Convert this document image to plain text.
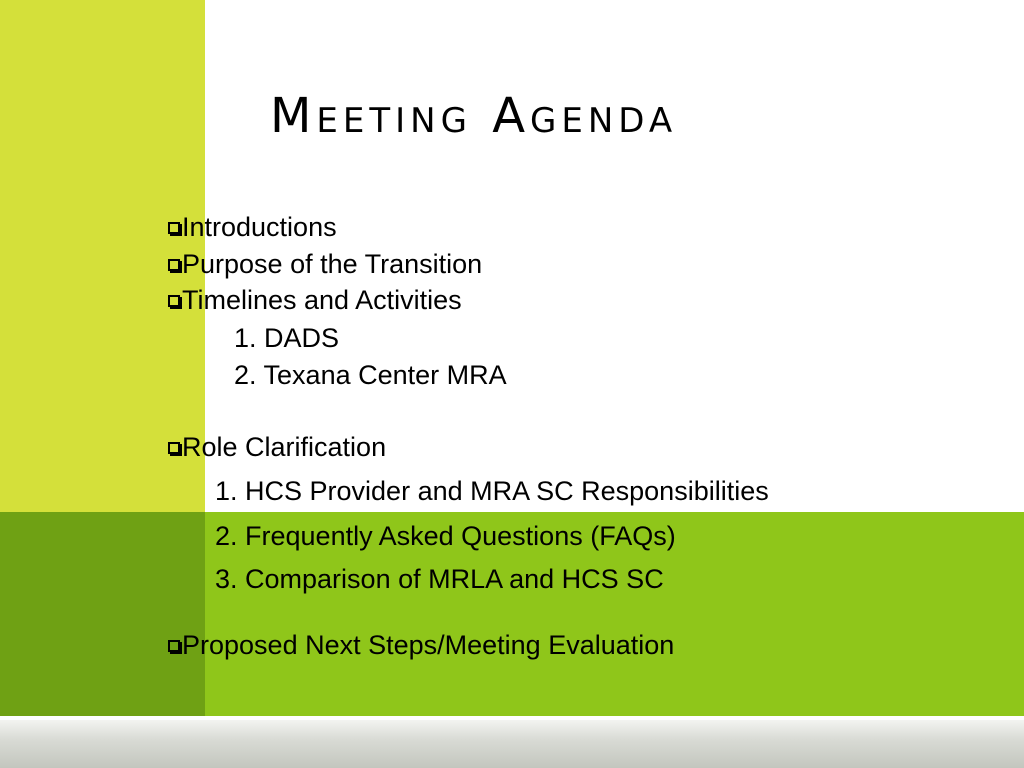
Meeting Agenda
Introductions
Purpose of the Transition
Timelines and Activities
1. DADS
2. Texana Center MRA
Role Clarification
1. HCS Provider and MRA SC Responsibilities
2. Frequently Asked Questions (FAQs)
3. Comparison of MRLA and HCS SC
Proposed Next Steps/Meeting Evaluation
